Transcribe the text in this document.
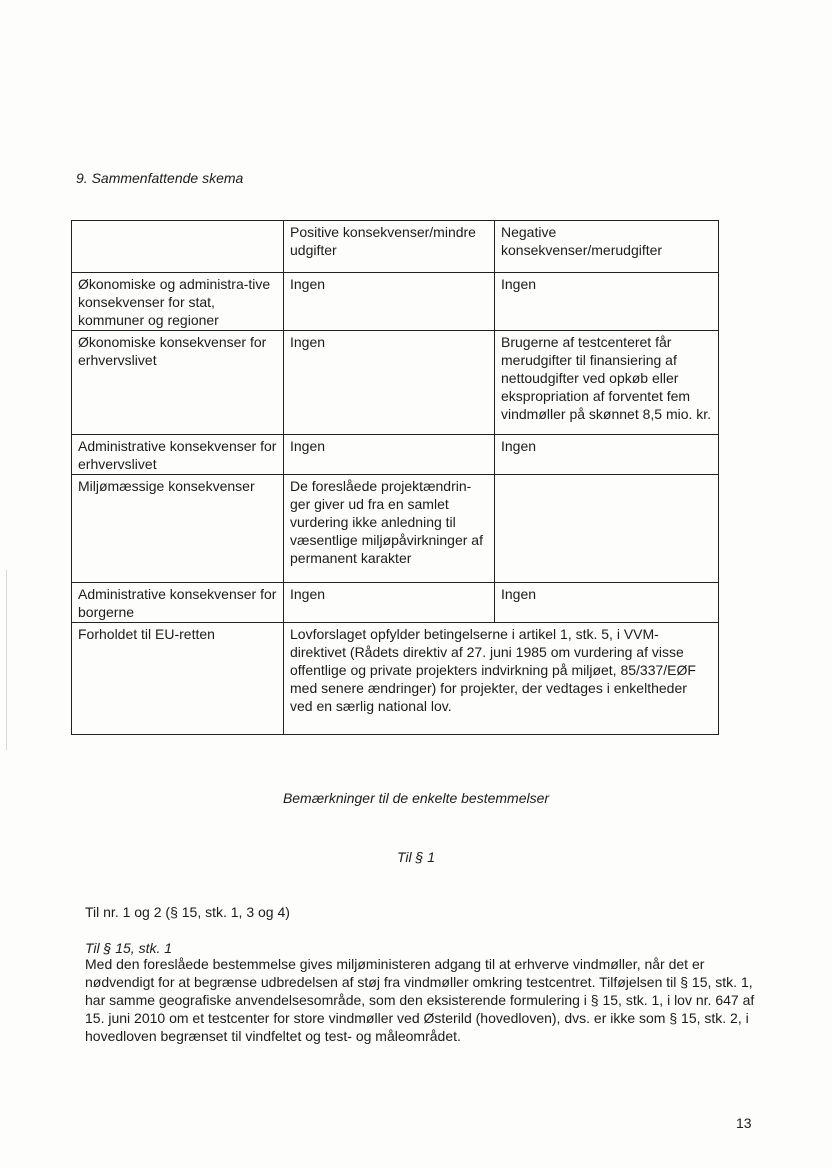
9. Sammenfattende skema
	Positive konsekvenser/mindre udgifter	Negative konsekvenser/merudgifter
Økonomiske og administra-tive konsekvenser for stat, kommuner og regioner	Ingen	Ingen
Økonomiske konsekvenser for erhvervslivet	Ingen	Brugerne af testcenteret får merudgifter til finansiering af nettoudgifter ved opkøb eller ekspropriation af forventet fem vindmøller på skønnet 8,5 mio. kr.
Administrative konsekvenser for erhvervslivet	Ingen	Ingen
Miljømæssige konsekvenser	De foreslåede projektændrin-ger giver ud fra en samlet vurdering ikke anledning til væsentlige miljøpåvirkninger af permanent karakter	
Administrative konsekvenser for borgerne	Ingen	Ingen
Forholdet til EU-retten	Lovforslaget opfylder betingelserne i artikel 1, stk. 5, i VVM-direktivet (Rådets direktiv af 27. juni 1985 om vurdering af visse offentlige og private projekters indvirkning på miljøet, 85/337/EØF med senere ændringer) for projekter, der vedtages i enkeltheder ved en særlig national lov.	
Bemærkninger til de enkelte bestemmelser
Til § 1
Til nr. 1 og 2 (§ 15, stk. 1, 3 og 4)
Til § 15, stk. 1

Med den foreslåede bestemmelse gives miljøministeren adgang til at erhverve vindmøller, når det er nødvendigt for at begrænse udbredelsen af støj fra vindmøller omkring testcentret. Tilføjelsen til § 15, stk. 1, har samme geografiske anvendelsesområde, som den eksisterende formulering i § 15, stk. 1, i lov nr. 647 af 15. juni 2010 om et testcenter for store vindmøller ved Østerild (hovedloven), dvs. er ikke som § 15, stk. 2, i hovedloven begrænset til vindfeltet og test- og måleområdet.

13
